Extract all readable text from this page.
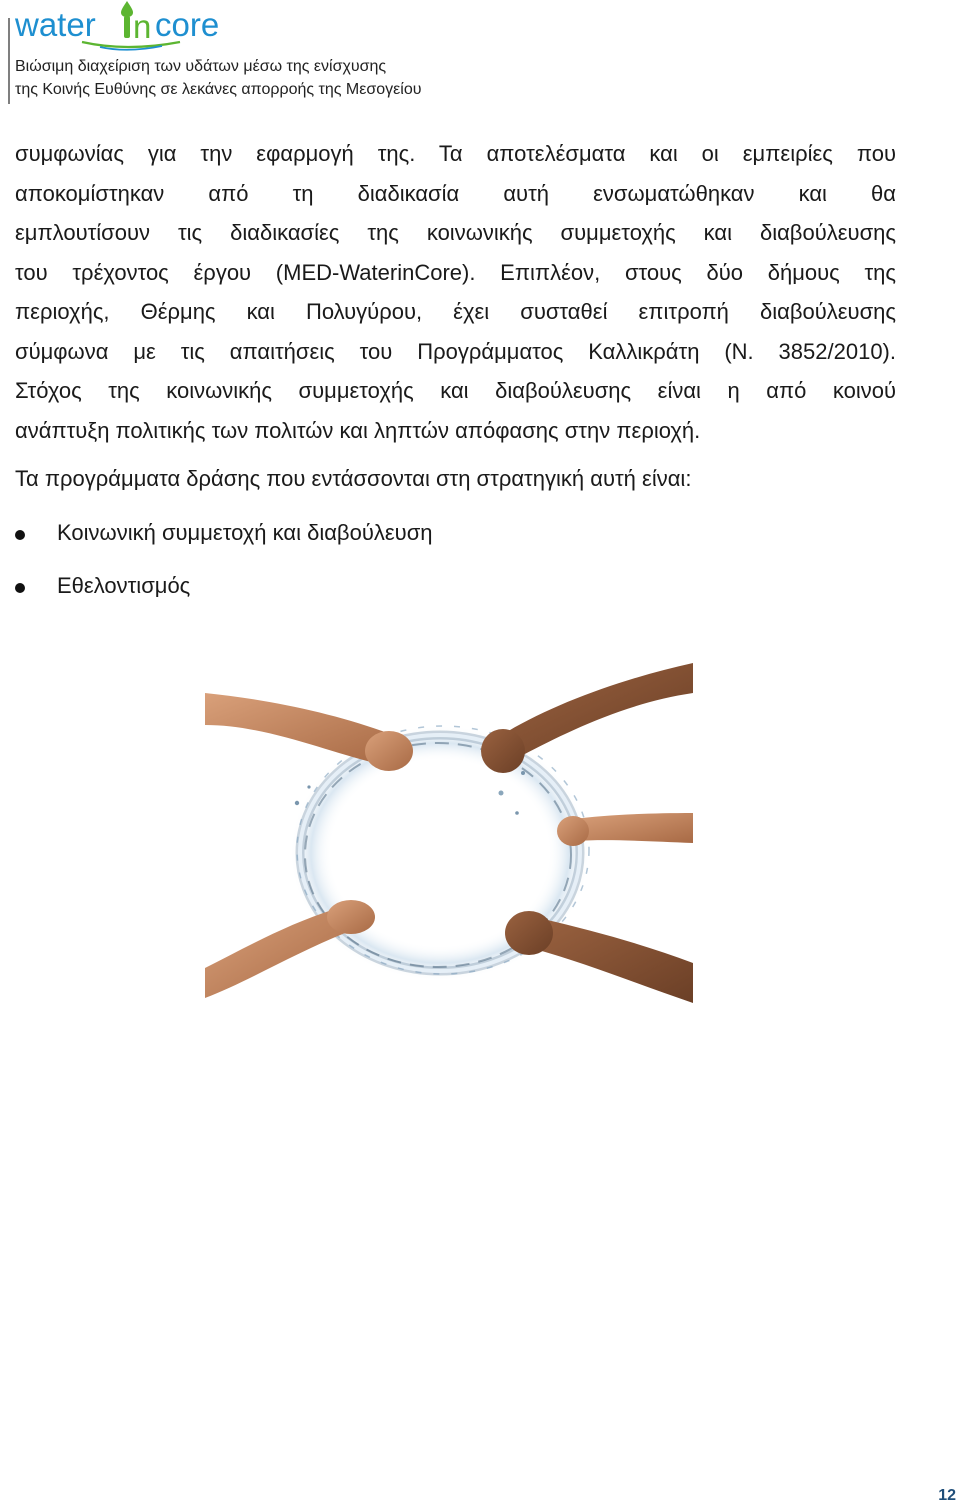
water n core
Βιώσιμη διαχείριση των υδάτων μέσω της ενίσχυσης
της Κοινής Ευθύνης σε λεκάνες απορροής της Μεσογείου
συμφωνίας για την εφαρμογή της. Τα αποτελέσματα και οι εμπειρίες που
αποκομίστηκαν από τη διαδικασία αυτή ενσωματώθηκαν και θα
εμπλουτίσουν τις διαδικασίες της κοινωνικής συμμετοχής και διαβούλευσης
του τρέχοντος έργου (MED-WaterinCore). Επιπλέον, στους δύο δήμους της
περιοχής, Θέρμης και Πολυγύρου, έχει συσταθεί επιτροπή διαβούλευσης
σύμφωνα με τις απαιτήσεις του Προγράμματος Καλλικράτη (Ν. 3852/2010).
Στόχος της κοινωνικής συμμετοχής και διαβούλευσης είναι η από κοινού
ανάπτυξη πολιτικής των πολιτών και ληπτών απόφασης στην περιοχή.
Τα προγράμματα δράσης που εντάσσονται στη στρατηγική αυτή είναι:
Κοινωνική συμμετοχή και διαβούλευση
Εθελοντισμός
12
